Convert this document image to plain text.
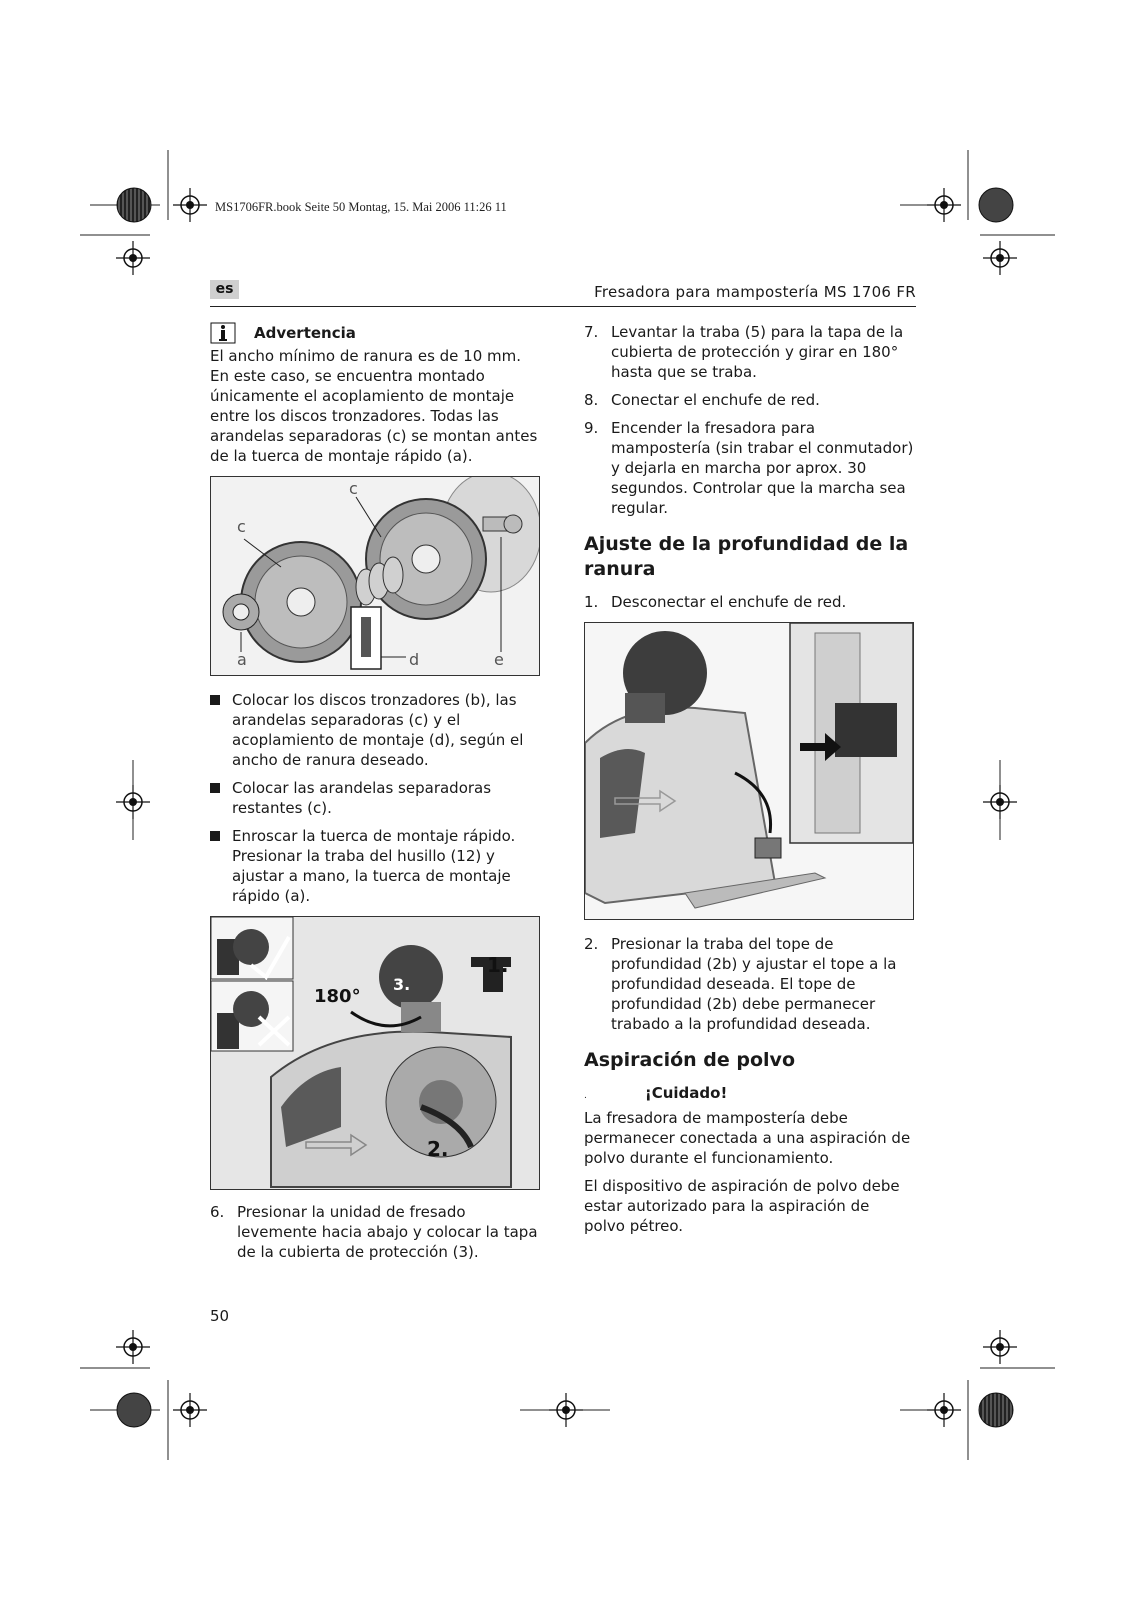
MS1706FR.book Seite 50 Montag, 15. Mai 2006 11:26 11
es	Fresadora para mampostería MS 1706 FR
Advertencia

El ancho mínimo de ranura es de 10 mm. En este caso, se encuentra montado únicamente el acoplamiento de montaje entre los discos tronzadores. Todas las arandelas separadoras (c) se montan antes de la tuerca de montaje rápido (a).

a
c
c
d	e
Colocar los discos tronzadores (b), las arandelas separadoras (c) y el acoplamiento de montaje (d), según el ancho de ranura deseado.
Colocar las arandelas separadoras restantes (c).
Enroscar la tuerca de montaje rápido. Presionar la traba del husillo (12) y ajustar a mano, la tuerca de montaje rápido (a).
180°
1.
2.
3.
6. Presionar la unidad de fresado levemente hacia abajo y colocar la tapa de la cubierta de protección (3).
7. Levantar la traba (5) para la tapa de la cubierta de protección y girar en 180° hasta que se traba.
8. Conectar el enchufe de red.
9. Encender la fresadora para mampostería (sin trabar el conmutador) y dejarla en marcha por aprox. 30 segundos. Controlar que la marcha sea regular.
Ajuste de la profundidad de la ranura
1. Desconectar el enchufe de red.
2. Presionar la traba del tope de profundidad (2b) y ajustar el tope a la profundidad deseada. El tope de profundidad (2b) debe permanecer trabado a la profundidad deseada.
Aspiración de polvo
.	¡Cuidado!

La fresadora de mampostería debe permanecer conectada a una aspiración de polvo durante el funcionamiento.

El dispositivo de aspiración de polvo debe estar autorizado para la aspiración de polvo pétreo.

50
